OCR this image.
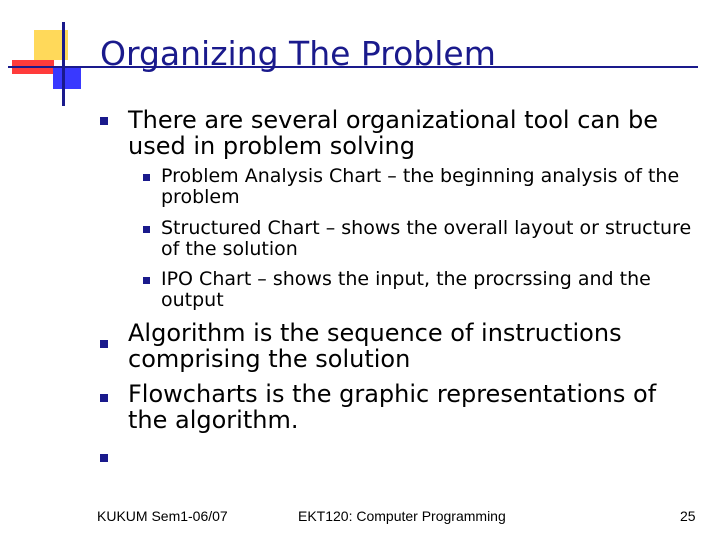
Organizing The Problem
There are several organizational tool can be used in problem solving
Problem Analysis Chart – the beginning analysis of the problem
Structured Chart – shows the overall layout or structure of the solution
IPO Chart – shows the input, the procrssing and the output
Algorithm is the sequence of instructions comprising the solution
Flowcharts is the graphic representations of the algorithm.
KUKUM Sem1-06/07	EKT120: Computer Programming	25
